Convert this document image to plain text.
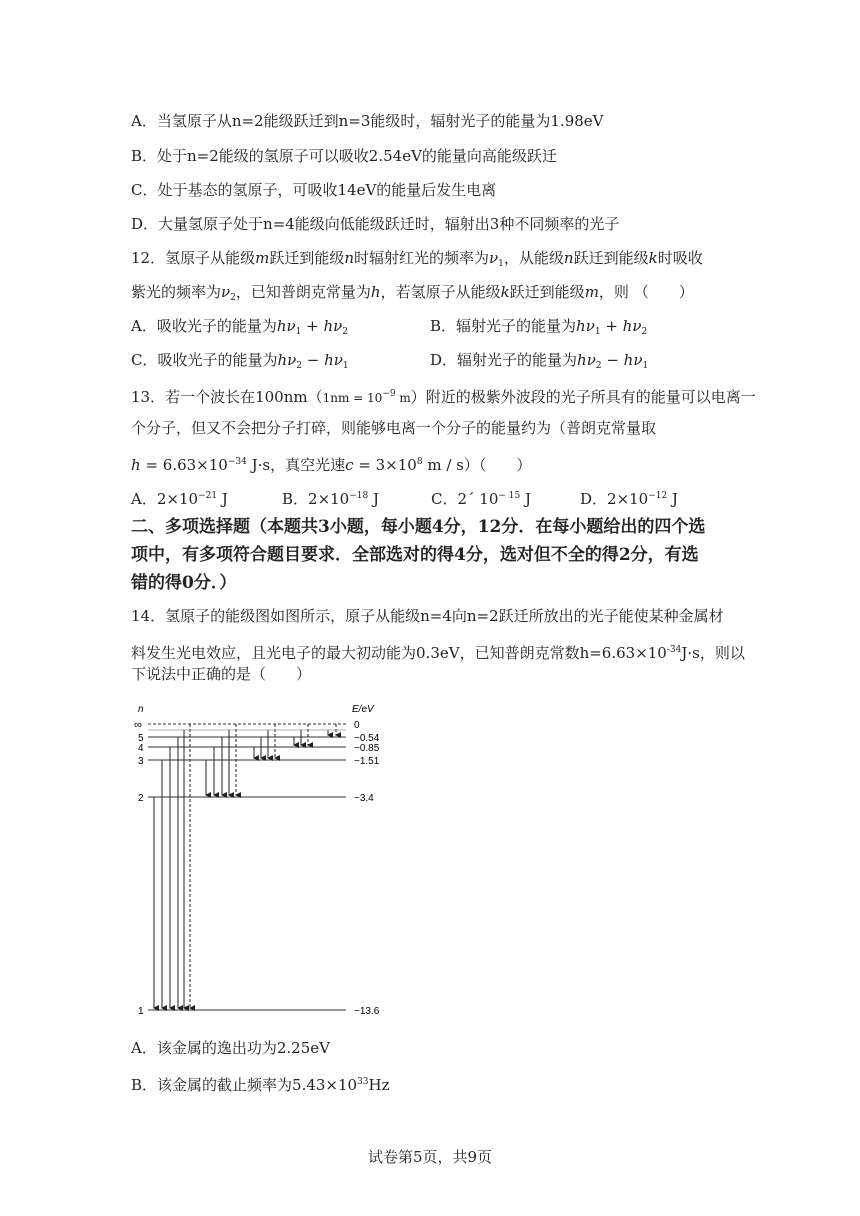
A．当氢原子从n=2能级跃迁到n=3能级时，辐射光子的能量为1.98eV
B．处于n=2能级的氢原子可以吸收2.54eV的能量向高能级跃迁
C．处于基态的氢原子，可吸收14eV的能量后发生电离
D．大量氢原子处于n=4能级向低能级跃迁时，辐射出3种不同频率的光子
12．氢原子从能级m跃迁到能级n时辐射红光的频率为$\nu_1$，从能级n跃迁到能级k时吸收
紫光的频率为$\nu_2$，已知普朗克常量为h，若氢原子从能级k跃迁到能级m，则 （　　）
A．吸收光子的能量为$h\nu_1 + h\nu_2$	B．辐射光子的能量为$h\nu_1 + h\nu_2$
C．吸收光子的能量为$h\nu_2 - h\nu_1$	D．辐射光子的能量为$h\nu_2 - h\nu_1$
13．若一个波长在$100nm(1nm = 10^{-9}$ m）附近的极紫外波段的光子所具有的能量可以电离一
个分子，但又不会把分子打碎，则能够电离一个分子的能量约为（普朗克常量取
$h = 6.63\times 10^{-34}$ J·s，真空光速$c = 3\times 10^8$ m / s）（　　）
A．$2\times 10^{-21}$ J	B．$2\times 10^{-18}$ J	C．2´ $10^{- 15}$ J	D．$2\times 10^{-12}$ J
二、多项选择题（本题共3小题，每小题4分，12分．在每小题给出的四个选
项中，有多项符合题目要求．全部选对的得4分，选对但不全的得2分，有选
错的得0分．）
14．氢原子的能级图如图所示，原子从能级n=4向n=2跃迁所放出的光子能使某种金属材
料发生光电效应，且光电子的最大初动能为0.3eV，已知普朗克常数$h=6.63\times 10^{-34}J\cdot s$，则以
下说法中正确的是（　　）
n	E/eV
∞
5
4
3
2
1
0
−0.54
−0.85
−1.51
−3.4
−13.6
A．该金属的逸出功为2.25eV
B．该金属的截止频率为$5.43\times 10^{33}Hz$
试卷第5页，共9页
